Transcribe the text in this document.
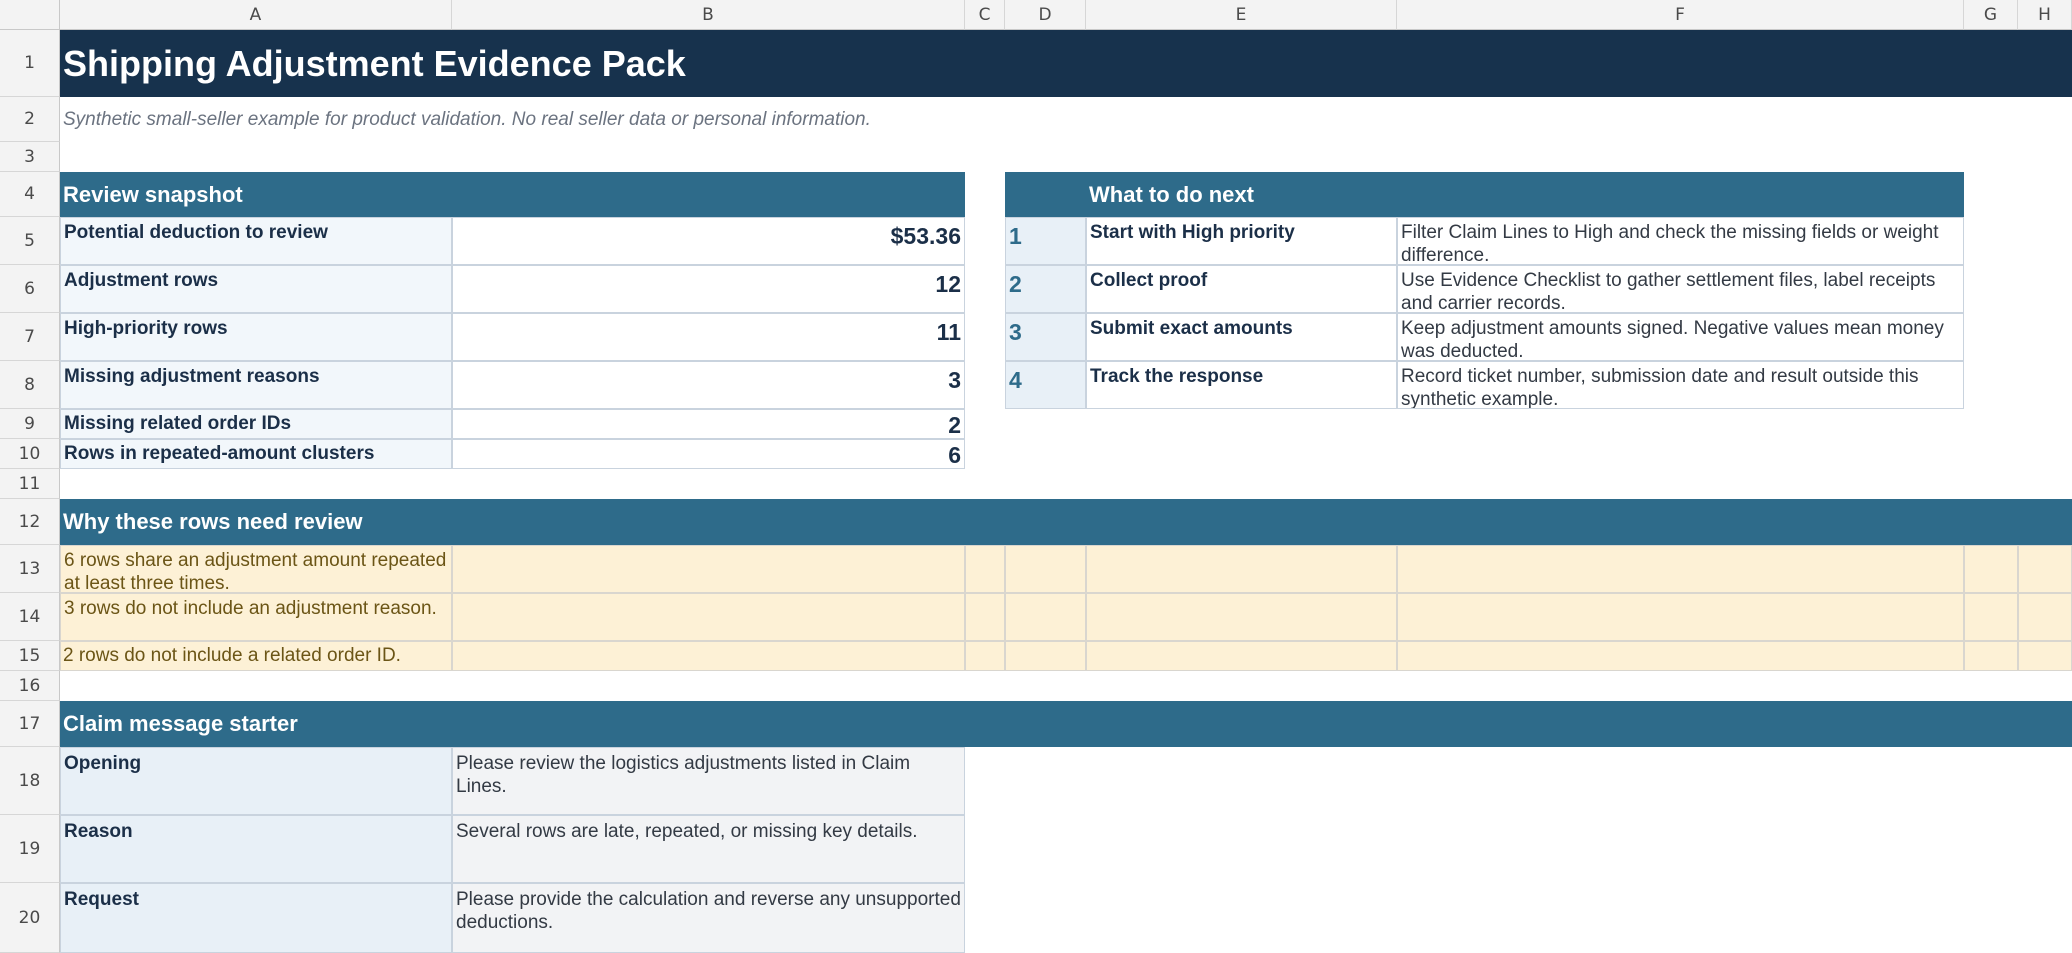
A	B	C	D	E	F	G	H
1
2
3
4
5
6
7
8
9
10
11
12
13
14
15
16
17
18
19
20
Shipping Adjustment Evidence Pack
Synthetic small-seller example for product validation. No real seller data or personal information.
Review snapshot	What to do next
Potential deduction to review	$53.36
Adjustment rows	12
High-priority rows	11
Missing adjustment reasons	3
Missing related order IDs	2
Rows in repeated-amount clusters	6
1	Start with High priority	Filter Claim Lines to High and check the missing fields or weight difference.
2	Collect proof	Use Evidence Checklist to gather settlement files, label receipts and carrier records.
3	Submit exact amounts	Keep adjustment amounts signed. Negative values mean money was deducted.
4	Track the response	Record ticket number, submission date and result outside this synthetic example.
Why these rows need review
6 rows share an adjustment amount repeated at least three times.
3 rows do not include an adjustment reason.
2 rows do not include a related order ID.
Claim message starter
Opening	Please review the logistics adjustments listed in Claim Lines.
Reason	Several rows are late, repeated, or missing key details.
Request	Please provide the calculation and reverse any unsupported deductions.
